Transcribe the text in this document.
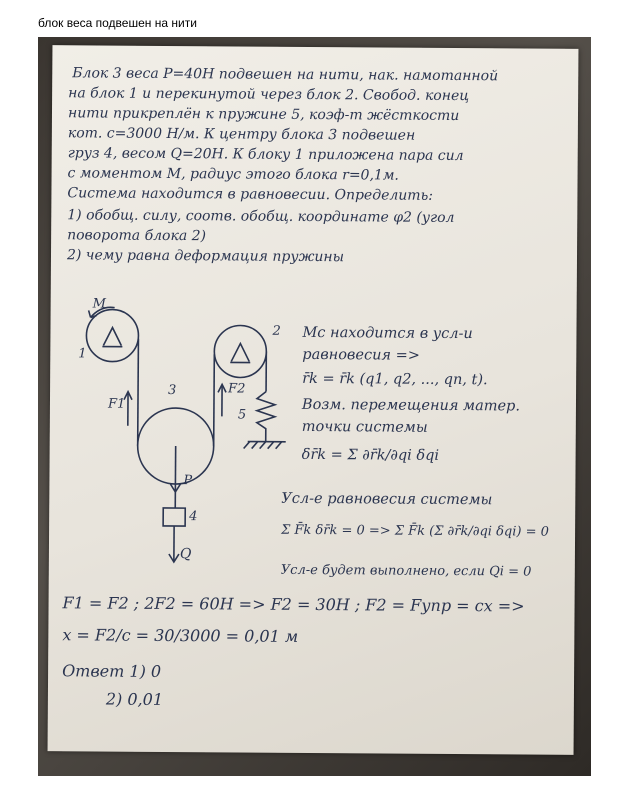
блок веса подвешен на нити
Блок 3 веса P=40Н подвешен на нити, нак. намотанной
на блок 1 и перекинутой через блок 2. Свобод. конец
нити прикреплён к пружине 5, коэф-т жёсткости
кот. c=3000 Н/м. К центру блока 3 подвешен
груз 4, весом Q=20Н. К блоку 1 приложена пара сил
с моментом М, радиус этого блока r=0,1м.
Система находится в равновесии. Определить:
1) обобщ. силу, соотв. обобщ. координате φ2 (угол
поворота блока 2)
2) чему равна деформация пружины
M
1
2
3
4
5
F1
F2
P
Q
Мс находится в усл-и
равновесия =>
r̄k = r̄k (q1, q2, ..., qn, t).
Возм. перемещения матер.
точки системы
δr̄k = Σ ∂r̄k/∂qi δqi
Усл-е равновесия системы
Σ F̄k δr̄k = 0 => Σ F̄k (Σ ∂r̄k/∂qi δqi) = 0
Усл-е будет выполнено, если Qi = 0
F1 = F2 ; 2F2 = 60Н => F2 = 30Н ; F2 = Fупр = cx =>
x = F2/c = 30/3000 = 0,01 м
Ответ 1) 0
2) 0,01
